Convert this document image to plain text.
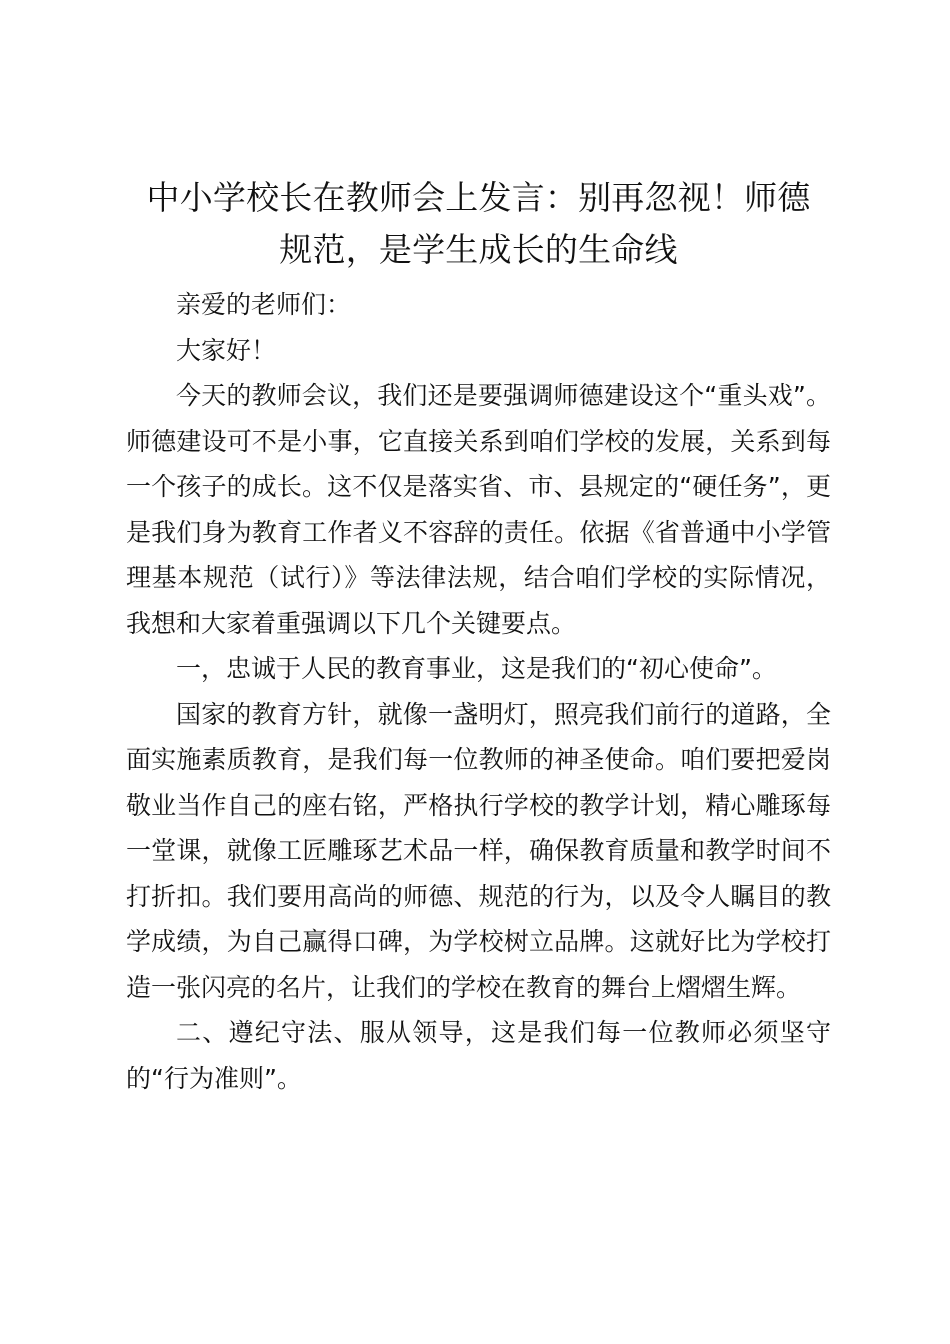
中小学校长在教师会上发言：别再忽视！师德
规范，是学生成长的生命线

亲爱的老师们：

大家好！

今天的教师会议，我们还是要强调师德建设这个“重头戏”。师德建设可不是小事，它直接关系到咱们学校的发展，关系到每一个孩子的成长。这不仅是落实省、市、县规定的“硬任务”，更是我们身为教育工作者义不容辞的责任。依据《省普通中小学管理基本规范（试行）》等法律法规，结合咱们学校的实际情况，我想和大家着重强调以下几个关键要点。

一，忠诚于人民的教育事业，这是我们的“初心使命”。

国家的教育方针，就像一盏明灯，照亮我们前行的道路，全面实施素质教育，是我们每一位教师的神圣使命。咱们要把爱岗敬业当作自己的座右铭，严格执行学校的教学计划，精心雕琢每一堂课，就像工匠雕琢艺术品一样，确保教育质量和教学时间不打折扣。我们要用高尚的师德、规范的行为，以及令人瞩目的教学成绩，为自己赢得口碑，为学校树立品牌。这就好比为学校打造一张闪亮的名片，让我们的学校在教育的舞台上熠熠生辉。

二、遵纪守法、服从领导，这是我们每一位教师必须坚守的“行为准则”。
